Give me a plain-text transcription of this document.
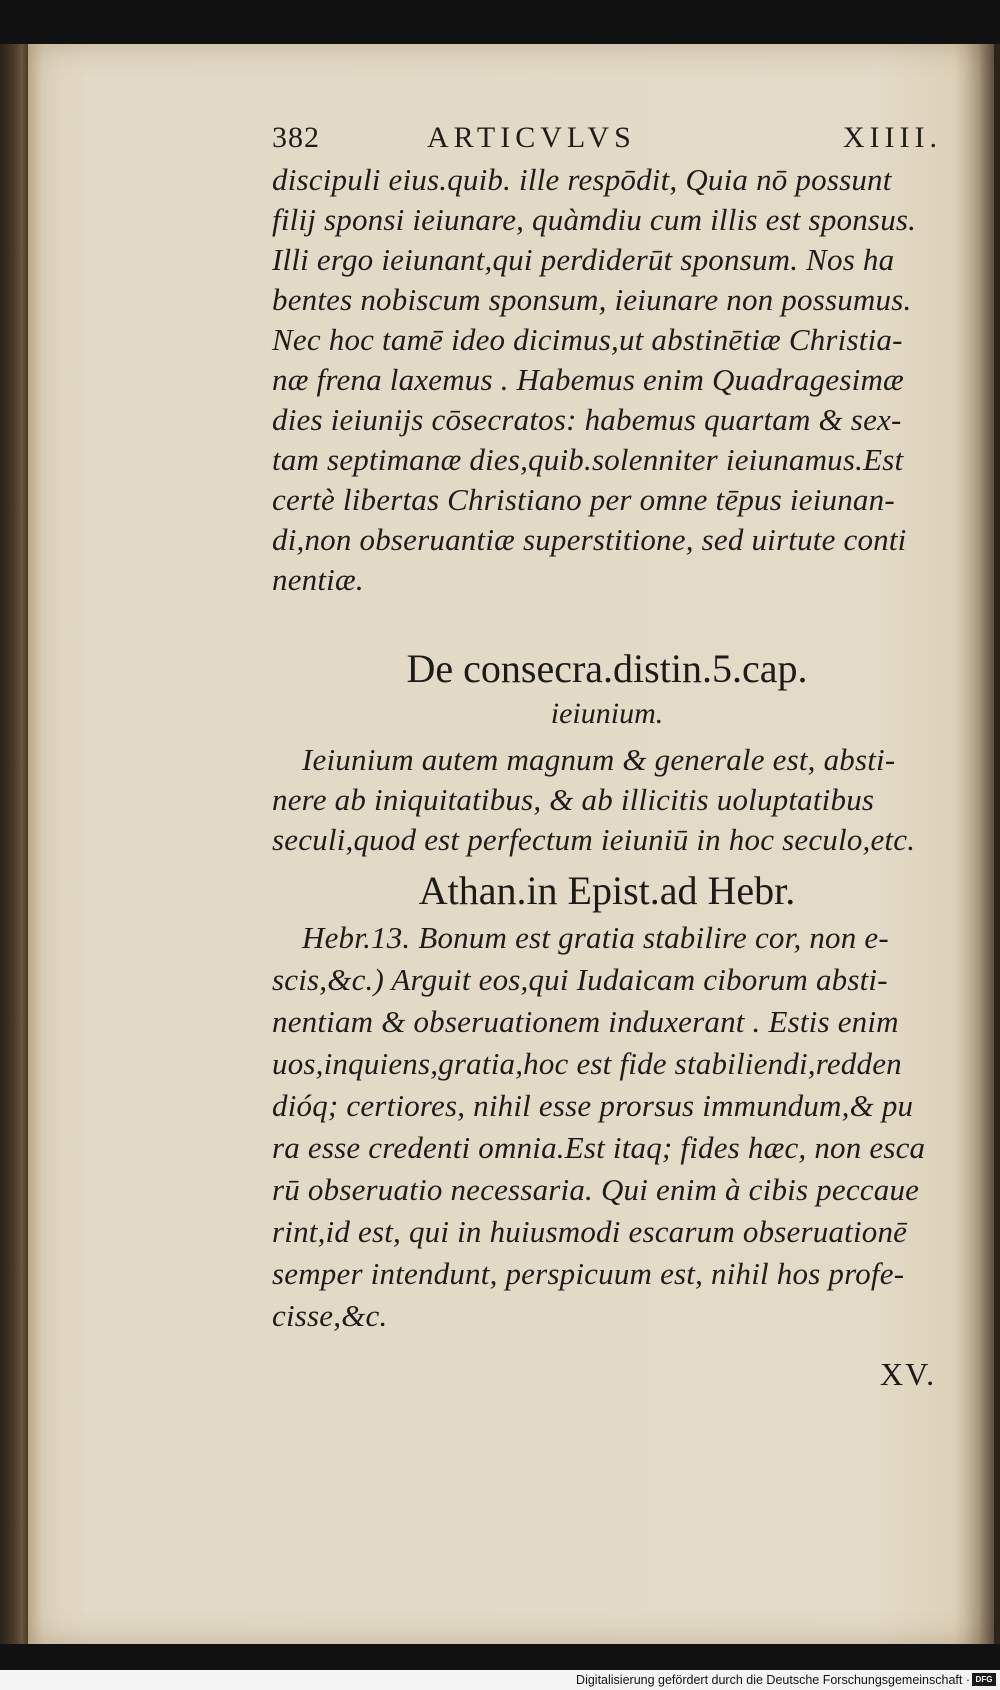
382	ARTICVLVS	XIIII.
discipuli eius.quib. ille respōdit, Quia nō possunt
filij sponsi ieiunare, quàmdiu cum illis est sponsus.
Illi ergo ieiunant,qui perdiderūt sponsum. Nos ha
bentes nobiscum sponsum, ieiunare non possumus.
Nec hoc tamē ideo dicimus,ut abstinētiæ Christia-
næ frena laxemus . Habemus enim Quadragesimæ
dies ieiunijs cōsecratos: habemus quartam & sex-
tam septimanæ dies,quib.solenniter ieiunamus.Est
certè libertas Christiano per omne tēpus ieiunan-
di,non obseruantiæ superstitione, sed uirtute conti
nentiæ.
De consecra.distin.5.cap.
ieiunium.
Ieiunium autem magnum & generale est, absti-
nere ab iniquitatibus, & ab illicitis uoluptatibus
seculi,quod est perfectum ieiuniū in hoc seculo,etc.
Athan.in Epist.ad Hebr.
Hebr.13. Bonum est gratia stabilire cor, non e-
scis,&c.) Arguit eos,qui Iudaicam ciborum absti-
nentiam & obseruationem induxerant . Estis enim
uos,inquiens,gratia,hoc est fide stabiliendi,redden
dióq; certiores, nihil esse prorsus immundum,& pu
ra esse credenti omnia.Est itaq; fides hæc, non esca
rū obseruatio necessaria. Qui enim à cibis peccaue
rint,id est, qui in huiusmodi escarum obseruationē
semper intendunt, perspicuum est, nihil hos profe-
cisse,&c.
XV.
Digitalisierung gefördert durch die Deutsche Forschungsgemeinschaft · DFG
